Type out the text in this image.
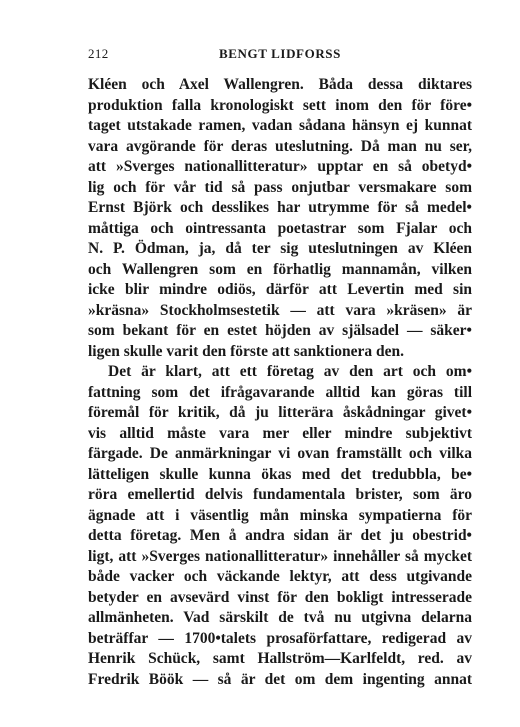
212	BENGT LIDFORSS
Kléen och Axel Wallengren. Båda dessa diktares
produktion falla kronologiskt sett inom den för före•
taget utstakade ramen, vadan sådana hänsyn ej kunnat
vara avgörande för deras uteslutning. Då man nu ser,
att »Sverges nationallitteratur» upptar en så obetyd•
lig och för vår tid så pass onjutbar versmakare som
Ernst Björk och desslikes har utrymme för så medel•
måttiga och ointressanta poetastrar som Fjalar och
N. P. Ödman, ja, då ter sig uteslutningen av Kléen
och Wallengren som en förhatlig mannamån, vilken
icke blir mindre odiös, därför att Levertin med sin
»kräsna» Stockholmsestetik — att vara »kräsen» är
som bekant för en estet höjden av själsadel — säker•
ligen skulle varit den förste att sanktionera den.
Det är klart, att ett företag av den art och om•
fattning som det ifrågavarande alltid kan göras till
föremål för kritik, då ju litterära åskådningar givet•
vis alltid måste vara mer eller mindre subjektivt
färgade. De anmärkningar vi ovan framställt och vilka
lätteligen skulle kunna ökas med det tredubbla, be•
röra emellertid delvis fundamentala brister, som äro
ägnade att i väsentlig mån minska sympatierna för
detta företag. Men å andra sidan är det ju obestrid•
ligt, att »Sverges nationallitteratur» innehåller så mycket
både vacker och väckande lektyr, att dess utgivande
betyder en avsevärd vinst för den bokligt intresserade
allmänheten. Vad särskilt de två nu utgivna delarna
beträffar — 1700•talets prosaförfattare, redigerad av
Henrik Schück, samt Hallström—Karlfeldt, red. av
Fredrik Böök — så är det om dem ingenting annat
